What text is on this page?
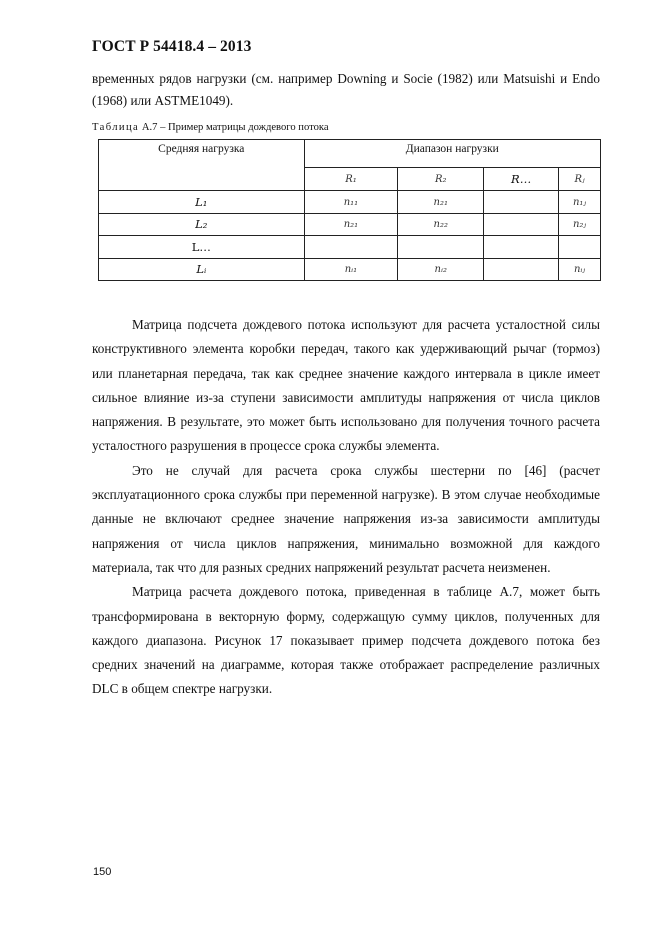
ГОСТ Р 54418.4 – 2013

временных рядов нагрузки (см. например Downing и Socie (1982) или Matsuishi и Endo (1968) или ASTME1049).

Таблица А.7 – Пример матрицы дождевого потока
Средняя нагрузка	Диапазон нагрузки			
	R₁	R₂	R…	Rⱼ
L₁	n₁₁	n₂₁		n₁ⱼ
L₂	n₂₁	n₂₂		n₂ⱼ
L…				
Lᵢ	nᵢ₁	nᵢ₂		nᵢⱼ

Матрица подсчета дождевого потока используют для расчета усталостной силы конструктивного элемента коробки передач, такого как удерживающий рычаг (тормоз) или планетарная передача, так как среднее значение каждого интервала в цикле имеет сильное влияние из-за ступени зависимости амплитуды напряжения от числа циклов напряжения. В результате, это может быть использовано для получения точного расчета усталостного разрушения в процессе срока службы элемента.

Это не случай для расчета срока службы шестерни по [46] (расчет эксплуатационного срока службы при переменной нагрузке). В этом случае необходимые данные не включают среднее значение напряжения из-за зависимости амплитуды напряжения от числа циклов напряжения, минимально возможной для каждого материала, так что для разных средних напряжений результат расчета неизменен.

Матрица расчета дождевого потока, приведенная в таблице А.7, может быть трансформирована в векторную форму, содержащую сумму циклов, полученных для каждого диапазона. Рисунок 17 показывает пример подсчета дождевого потока без средних значений на диаграмме, которая также отображает распределение различных DLC в общем спектре нагрузки.

150
